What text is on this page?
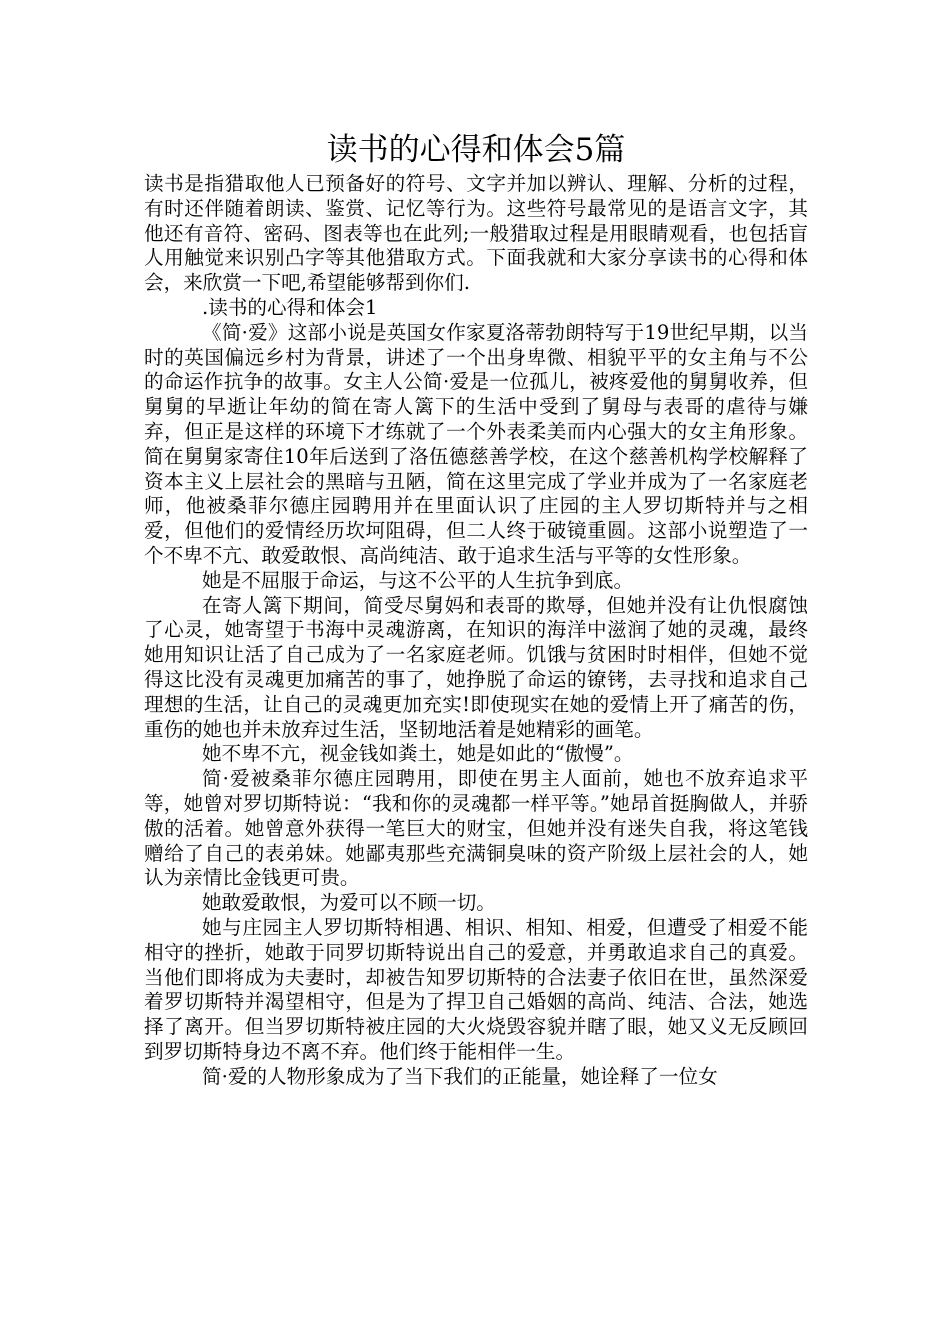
读书的心得和体会5篇

读书是指猎取他人已预备好的符号、文字并加以辨认、理解、分析的过程，有时还伴随着朗读、鉴赏、记忆等行为。这些符号最常见的是语言文字，其他还有音符、密码、图表等也在此列;一般猎取过程是用眼睛观看，也包括盲人用触觉来识别凸字等其他猎取方式。下面我就和大家分享读书的心得和体会，来欣赏一下吧,希望能够帮到你们.

.读书的心得和体会1

《简·爱》这部小说是英国女作家夏洛蒂勃朗特写于19世纪早期，以当时的英国偏远乡村为背景，讲述了一个出身卑微、相貌平平的女主角与不公的命运作抗争的故事。女主人公简·爱是一位孤儿，被疼爱他的舅舅收养，但舅舅的早逝让年幼的简在寄人篱下的生活中受到了舅母与表哥的虐待与嫌弃，但正是这样的环境下才练就了一个外表柔美而内心强大的女主角形象。简在舅舅家寄住10年后送到了洛伍德慈善学校，在这个慈善机构学校解释了资本主义上层社会的黑暗与丑陋，简在这里完成了学业并成为了一名家庭老师，他被桑菲尔德庄园聘用并在里面认识了庄园的主人罗切斯特并与之相爱，但他们的爱情经历坎坷阻碍，但二人终于破镜重圆。这部小说塑造了一个不卑不亢、敢爱敢恨、高尚纯洁、敢于追求生活与平等的女性形象。

她是不屈服于命运，与这不公平的人生抗争到底。

在寄人篱下期间，简受尽舅妈和表哥的欺辱，但她并没有让仇恨腐蚀了心灵，她寄望于书海中灵魂游离，在知识的海洋中滋润了她的灵魂，最终她用知识让活了自己成为了一名家庭老师。饥饿与贫困时时相伴，但她不觉得这比没有灵魂更加痛苦的事了，她挣脱了命运的镣铐，去寻找和追求自己理想的生活，让自己的灵魂更加充实!即使现实在她的爱情上开了痛苦的伤，重伤的她也并未放弃过生活，坚韧地活着是她精彩的画笔。

她不卑不亢，视金钱如粪土，她是如此的“傲慢”。

简·爱被桑菲尔德庄园聘用，即使在男主人面前，她也不放弃追求平等，她曾对罗切斯特说：“我和你的灵魂都一样平等。”她昂首挺胸做人，并骄傲的活着。她曾意外获得一笔巨大的财宝，但她并没有迷失自我，将这笔钱赠给了自己的表弟妹。她鄙夷那些充满铜臭味的资产阶级上层社会的人，她认为亲情比金钱更可贵。

她敢爱敢恨，为爱可以不顾一切。

她与庄园主人罗切斯特相遇、相识、相知、相爱，但遭受了相爱不能相守的挫折，她敢于同罗切斯特说出自己的爱意，并勇敢追求自己的真爱。当他们即将成为夫妻时，却被告知罗切斯特的合法妻子依旧在世，虽然深爱着罗切斯特并渴望相守，但是为了捍卫自己婚姻的高尚、纯洁、合法，她选择了离开。但当罗切斯特被庄园的大火烧毁容貌并瞎了眼，她又义无反顾回到罗切斯特身边不离不弃。他们终于能相伴一生。

简·爱的人物形象成为了当下我们的正能量，她诠释了一位女
